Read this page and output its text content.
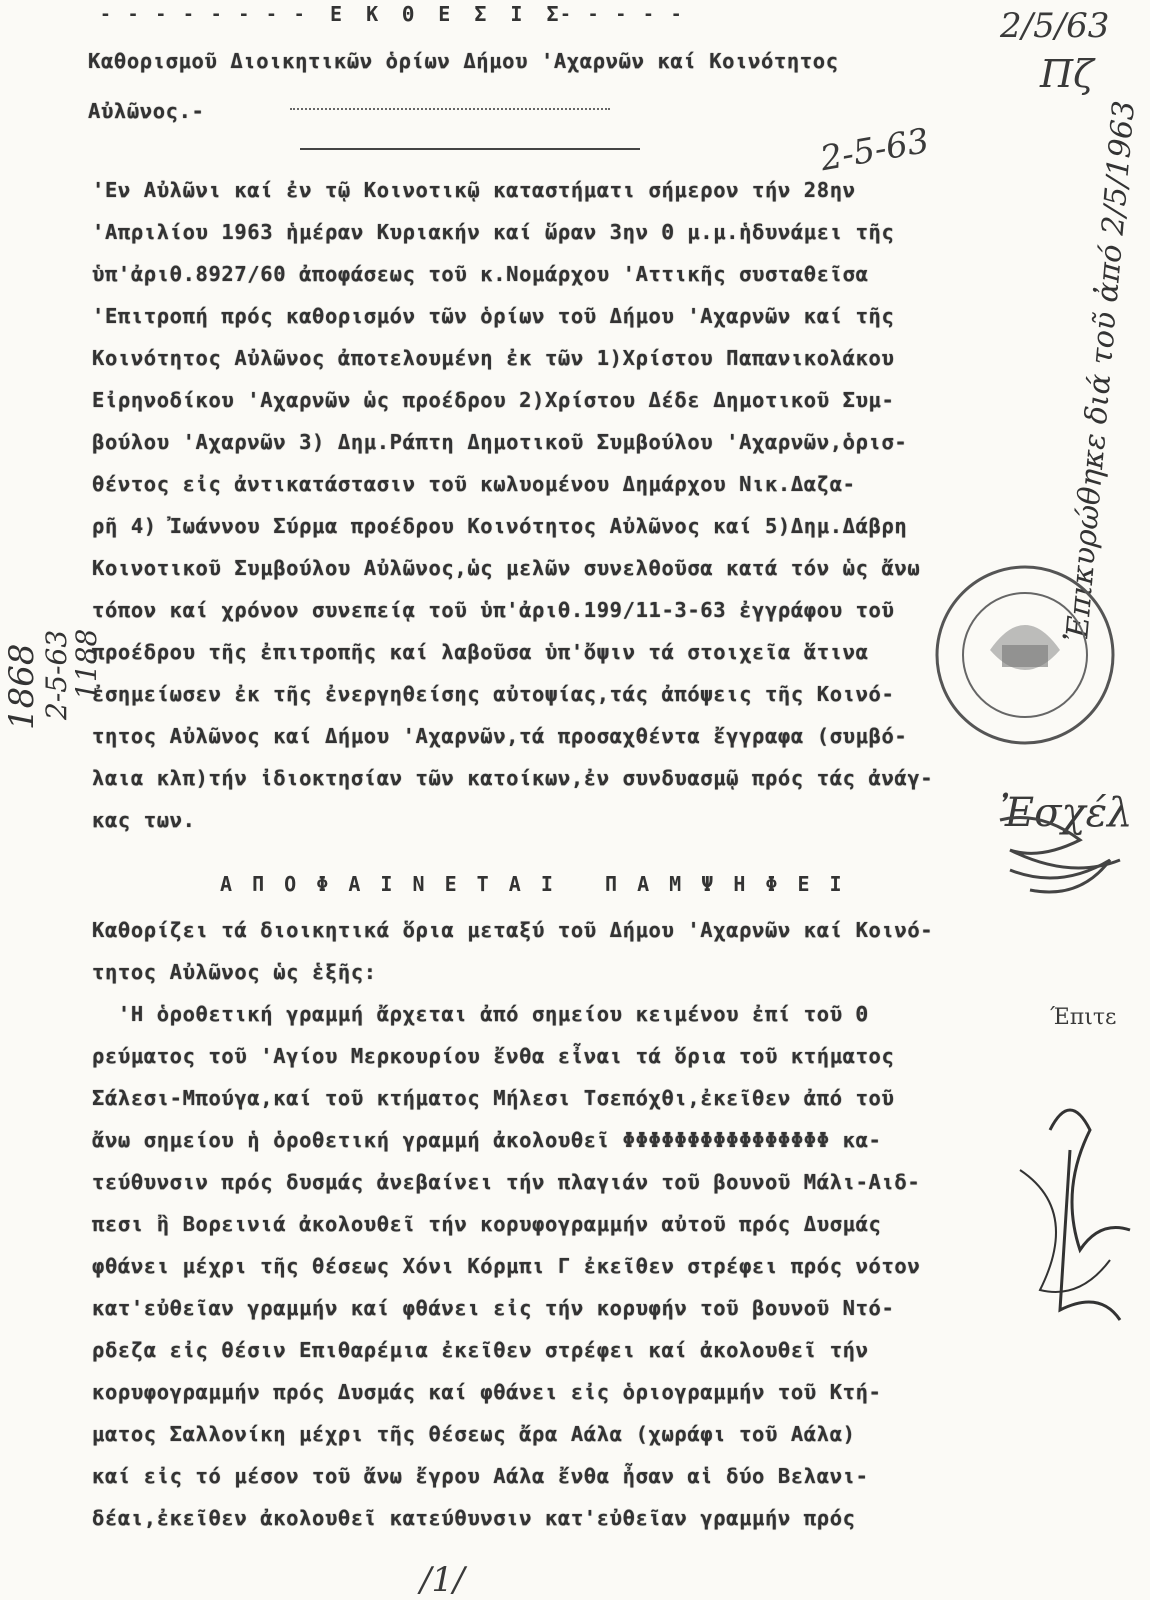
- - - - - - - - Ε Κ Θ Ε Σ Ι Σ
- - - - -
Καθορισμοῦ Διοικητικῶν ὁρίων Δήμου 'Αχαρνῶν καί Κοινότητος
Αὐλῶνος.-
'Εν Αὐλῶνι καί ἐν τῷ Κοινοτικῷ καταστήματι σήμερον τήν 28ην
'Απριλίου 1963 ἡμέραν Κυριακήν καί ὥραν 3ην Θ μ.μ.ἡδυνάμει τῆς
ὑπ'ἀριθ.8927/60 ἀποφάσεως τοῦ κ.Νομάρχου 'Αττικῆς συσταθεῖσα
'Επιτροπή πρός καθορισμόν τῶν ὁρίων τοῦ Δήμου 'Αχαρνῶν καί τῆς
Κοινότητος Αὐλῶνος ἀποτελουμένη ἐκ τῶν 1)Χρίστου Παπανικολάκου
Εἰρηνοδίκου 'Αχαρνῶν ὡς προέδρου 2)Χρίστου Δέδε Δημοτικοῦ Συμ-
βούλου 'Αχαρνῶν 3) Δημ.Ράπτη Δημοτικοῦ Συμβούλου 'Αχαρνῶν,ὁρισ-
θέντος εἰς ἀντικατάστασιν τοῦ κωλυομένου Δημάρχου Νικ.Δαζα-
ρῆ 4) Ἰωάννου Σύρμα προέδρου Κοινότητος Αὐλῶνος καί 5)Δημ.Δάβρη
Κοινοτικοῦ Συμβούλου Αὐλῶνος,ὡς μελῶν συνελθοῦσα κατά τόν ὡς ἄνω
τόπον καί χρόνον συνεπείᾳ τοῦ ὑπ'ἀριθ.199/11-3-63 ἐγγράφου τοῦ
προέδρου τῆς ἐπιτροπῆς καί λαβοῦσα ὑπ'ὄψιν τά στοιχεῖα ἅτινα
ἐσημείωσεν ἐκ τῆς ἐνεργηθείσης αὐτοψίας,τάς ἀπόψεις τῆς Κοινό-
τητος Αὐλῶνος καί Δήμου 'Αχαρνῶν,τά προσαχθέντα ἔγγραφα (συμβό-
λαια κλπ)τήν ἰδιοκτησίαν τῶν κατοίκων,ἐν συνδυασμῷ πρός τάς ἀνάγ-
κας των.
Α Π Ο Φ Α Ι Ν Ε Τ Α Ι   Π Α Μ Ψ Η Φ Ε Ι
Καθορίζει τά διοικητικά ὅρια μεταξύ τοῦ Δήμου 'Αχαρνῶν καί Κοινό-
τητος Αὐλῶνος ὡς ἑξῆς:
'Η ὁροθετική γραμμή ἄρχεται ἀπό σημείου κειμένου ἐπί τοῦ Θ
ρεύματος τοῦ 'Αγίου Μερκουρίου ἔνθα εἶναι τά ὅρια τοῦ κτήματος
Σάλεσι-Μπούγα,καί τοῦ κτήματος Μήλεσι Τσεπόχθι,ἐκεῖθεν ἀπό τοῦ
ἄνω σημείου ἡ ὁροθετική γραμμή ἀκολουθεῖ ΦΦΦΦΦΦΦΦΦΦΦΦΦΦΦΦ κα-
τεύθυνσιν πρός δυσμάς ἀνεβαίνει τήν πλαγιάν τοῦ βουνοῦ Μάλι-Αιδ-
πεσι ἢ Βορεινιά ἀκολουθεῖ τήν κορυφογραμμήν αὐτοῦ πρός Δυσμάς
φθάνει μέχρι τῆς θέσεως Χόνι Κόρμπι Γ ἐκεῖθεν στρέφει πρός νότον
κατ'εὐθεῖαν γραμμήν καί φθάνει εἰς τήν κορυφήν τοῦ βουνοῦ Ντό-
ρδεζα εἰς θέσιν Επιθαρέμια ἐκεῖθεν στρέφει καί ἀκολουθεῖ τήν
κορυφογραμμήν πρός Δυσμάς καί φθάνει εἰς ὁριογραμμήν τοῦ Κτή-
ματος Σαλλονίκη μέχρι τῆς θέσεως ἄρα Αάλα (χωράφι τοῦ Αάλα)
καί εἰς τό μέσον τοῦ ἄνω ἔγρου Αάλα ἔνθα ἦσαν αἱ δύο Βελανι-
δέαι,ἐκεῖθεν ἀκολουθεῖ κατεύθυνσιν κατ'εὐθεῖαν γραμμήν πρός
2/5/63
Πζ
2-5-63
1868
2-5-63
1188
Ἐπικυρώθηκε διά τοῦ ἀπό 2/5/1963
Ἐσχέλ
Έπιτε
/1/
